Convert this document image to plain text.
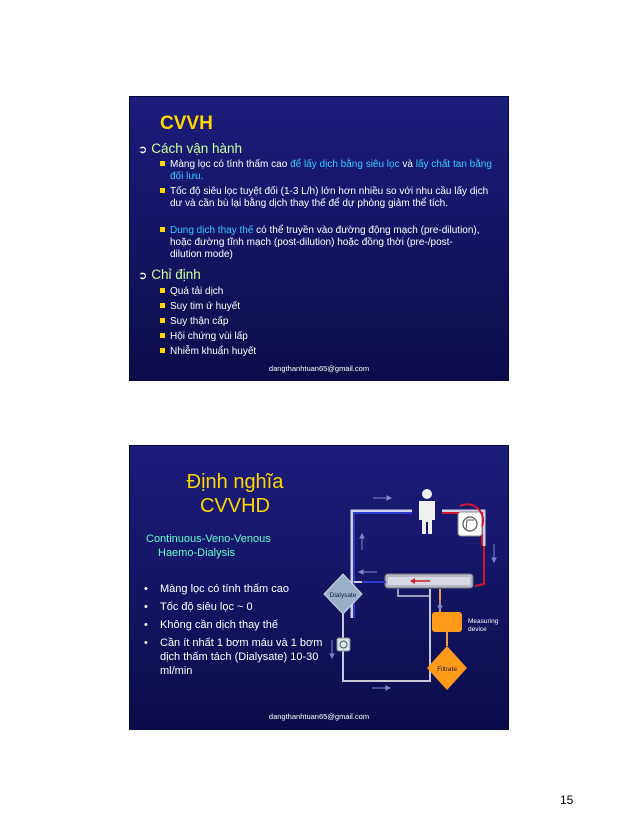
CVVH
➲ Cách vận hành
Màng lọc có tính thấm cao để lấy dịch bằng siêu lọc và lấy chất tan bằng đối lưu.
Tốc độ siêu lọc tuyệt đối (1-3 L/h) lớn hơn nhiều so với nhu cầu lấy dịch dư và cần bù lại bằng dịch thay thế để dự phòng giảm thể tích.
Dung dịch thay thế có thể truyền vào đường động mạch (pre-dilution), hoặc đường tĩnh mạch (post-dilution) hoặc đồng thời (pre-/post- dilution mode)
➲ Chỉ định
Quá tải dịch
Suy tim ứ huyết
Suy thận cấp
Hội chứng vùi lấp
Nhiễm khuẩn huyết
dangthanhtuan65@gmail.com
Dialysate
Filtrate
Định nghĩa
CVVHD
Continuous-Veno-Venous
Haemo-Dialysis
• Màng lọc có tính thấm cao
• Tốc độ siêu lọc ~ 0
• Không cần dịch thay thế
• Cần ít nhất 1 bơm máu và 1 bơm dịch thấm tách (Dialysate) 10-30 ml/min
Measuring device
dangthanhtuan65@gmail.com
15
